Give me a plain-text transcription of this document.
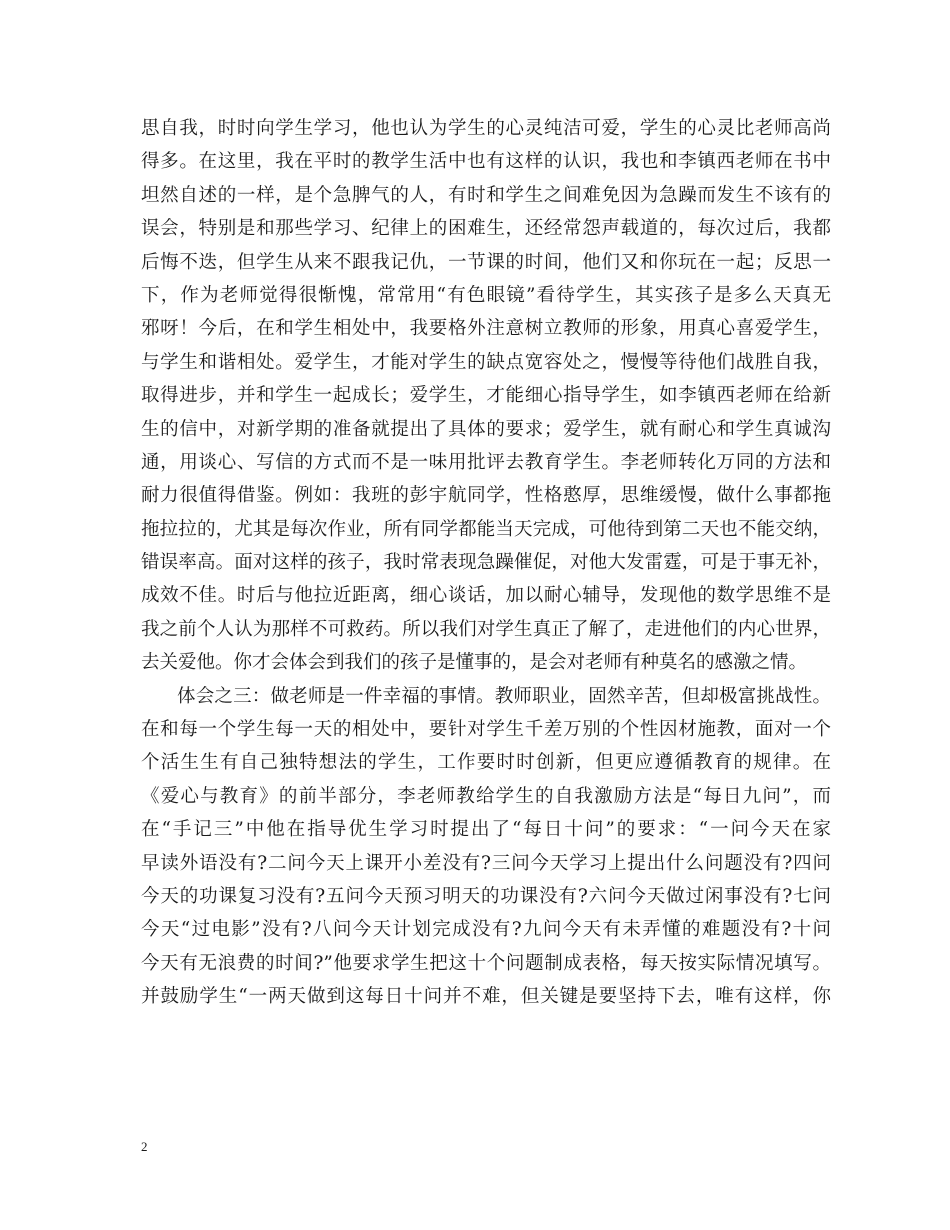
思自我，时时向学生学习，他也认为学生的心灵纯洁可爱，学生的心灵比老师高尚
得多。在这里，我在平时的教学生活中也有这样的认识，我也和李镇西老师在书中
坦然自述的一样，是个急脾气的人，有时和学生之间难免因为急躁而发生不该有的
误会，特别是和那些学习、纪律上的困难生，还经常怨声载道的，每次过后，我都
后悔不迭，但学生从来不跟我记仇，一节课的时间，他们又和你玩在一起；反思一
下，作为老师觉得很惭愧，常常用“有色眼镜”看待学生，其实孩子是多么天真无
邪呀！今后，在和学生相处中，我要格外注意树立教师的形象，用真心喜爱学生，
与学生和谐相处。爱学生，才能对学生的缺点宽容处之，慢慢等待他们战胜自我，
取得进步，并和学生一起成长；爱学生，才能细心指导学生，如李镇西老师在给新
生的信中，对新学期的准备就提出了具体的要求；爱学生，就有耐心和学生真诚沟
通，用谈心、写信的方式而不是一味用批评去教育学生。李老师转化万同的方法和
耐力很值得借鉴。例如：我班的彭宇航同学，性格憨厚，思维缓慢，做什么事都拖
拖拉拉的，尤其是每次作业，所有同学都能当天完成，可他待到第二天也不能交纳，
错误率高。面对这样的孩子，我时常表现急躁催促，对他大发雷霆，可是于事无补，
成效不佳。时后与他拉近距离，细心谈话，加以耐心辅导，发现他的数学思维不是
我之前个人认为那样不可救药。所以我们对学生真正了解了，走进他们的内心世界，
去关爱他。你才会体会到我们的孩子是懂事的，是会对老师有种莫名的感激之情。
体会之三：做老师是一件幸福的事情。教师职业，固然辛苦，但却极富挑战性。
在和每一个学生每一天的相处中，要针对学生千差万别的个性因材施教，面对一个
个活生生有自己独特想法的学生，工作要时时创新，但更应遵循教育的规律。在
《爱心与教育》的前半部分，李老师教给学生的自我激励方法是“每日九问”，而
在“手记三”中他在指导优生学习时提出了“每日十问”的要求：“一问今天在家
早读外语没有?二问今天上课开小差没有?三问今天学习上提出什么问题没有?四问
今天的功课复习没有?五问今天预习明天的功课没有?六问今天做过闲事没有?七问
今天“过电影”没有?八问今天计划完成没有?九问今天有未弄懂的难题没有?十问
今天有无浪费的时间?”他要求学生把这十个问题制成表格，每天按实际情况填写。
并鼓励学生“一两天做到这每日十问并不难，但关键是要坚持下去，唯有这样，你
2
